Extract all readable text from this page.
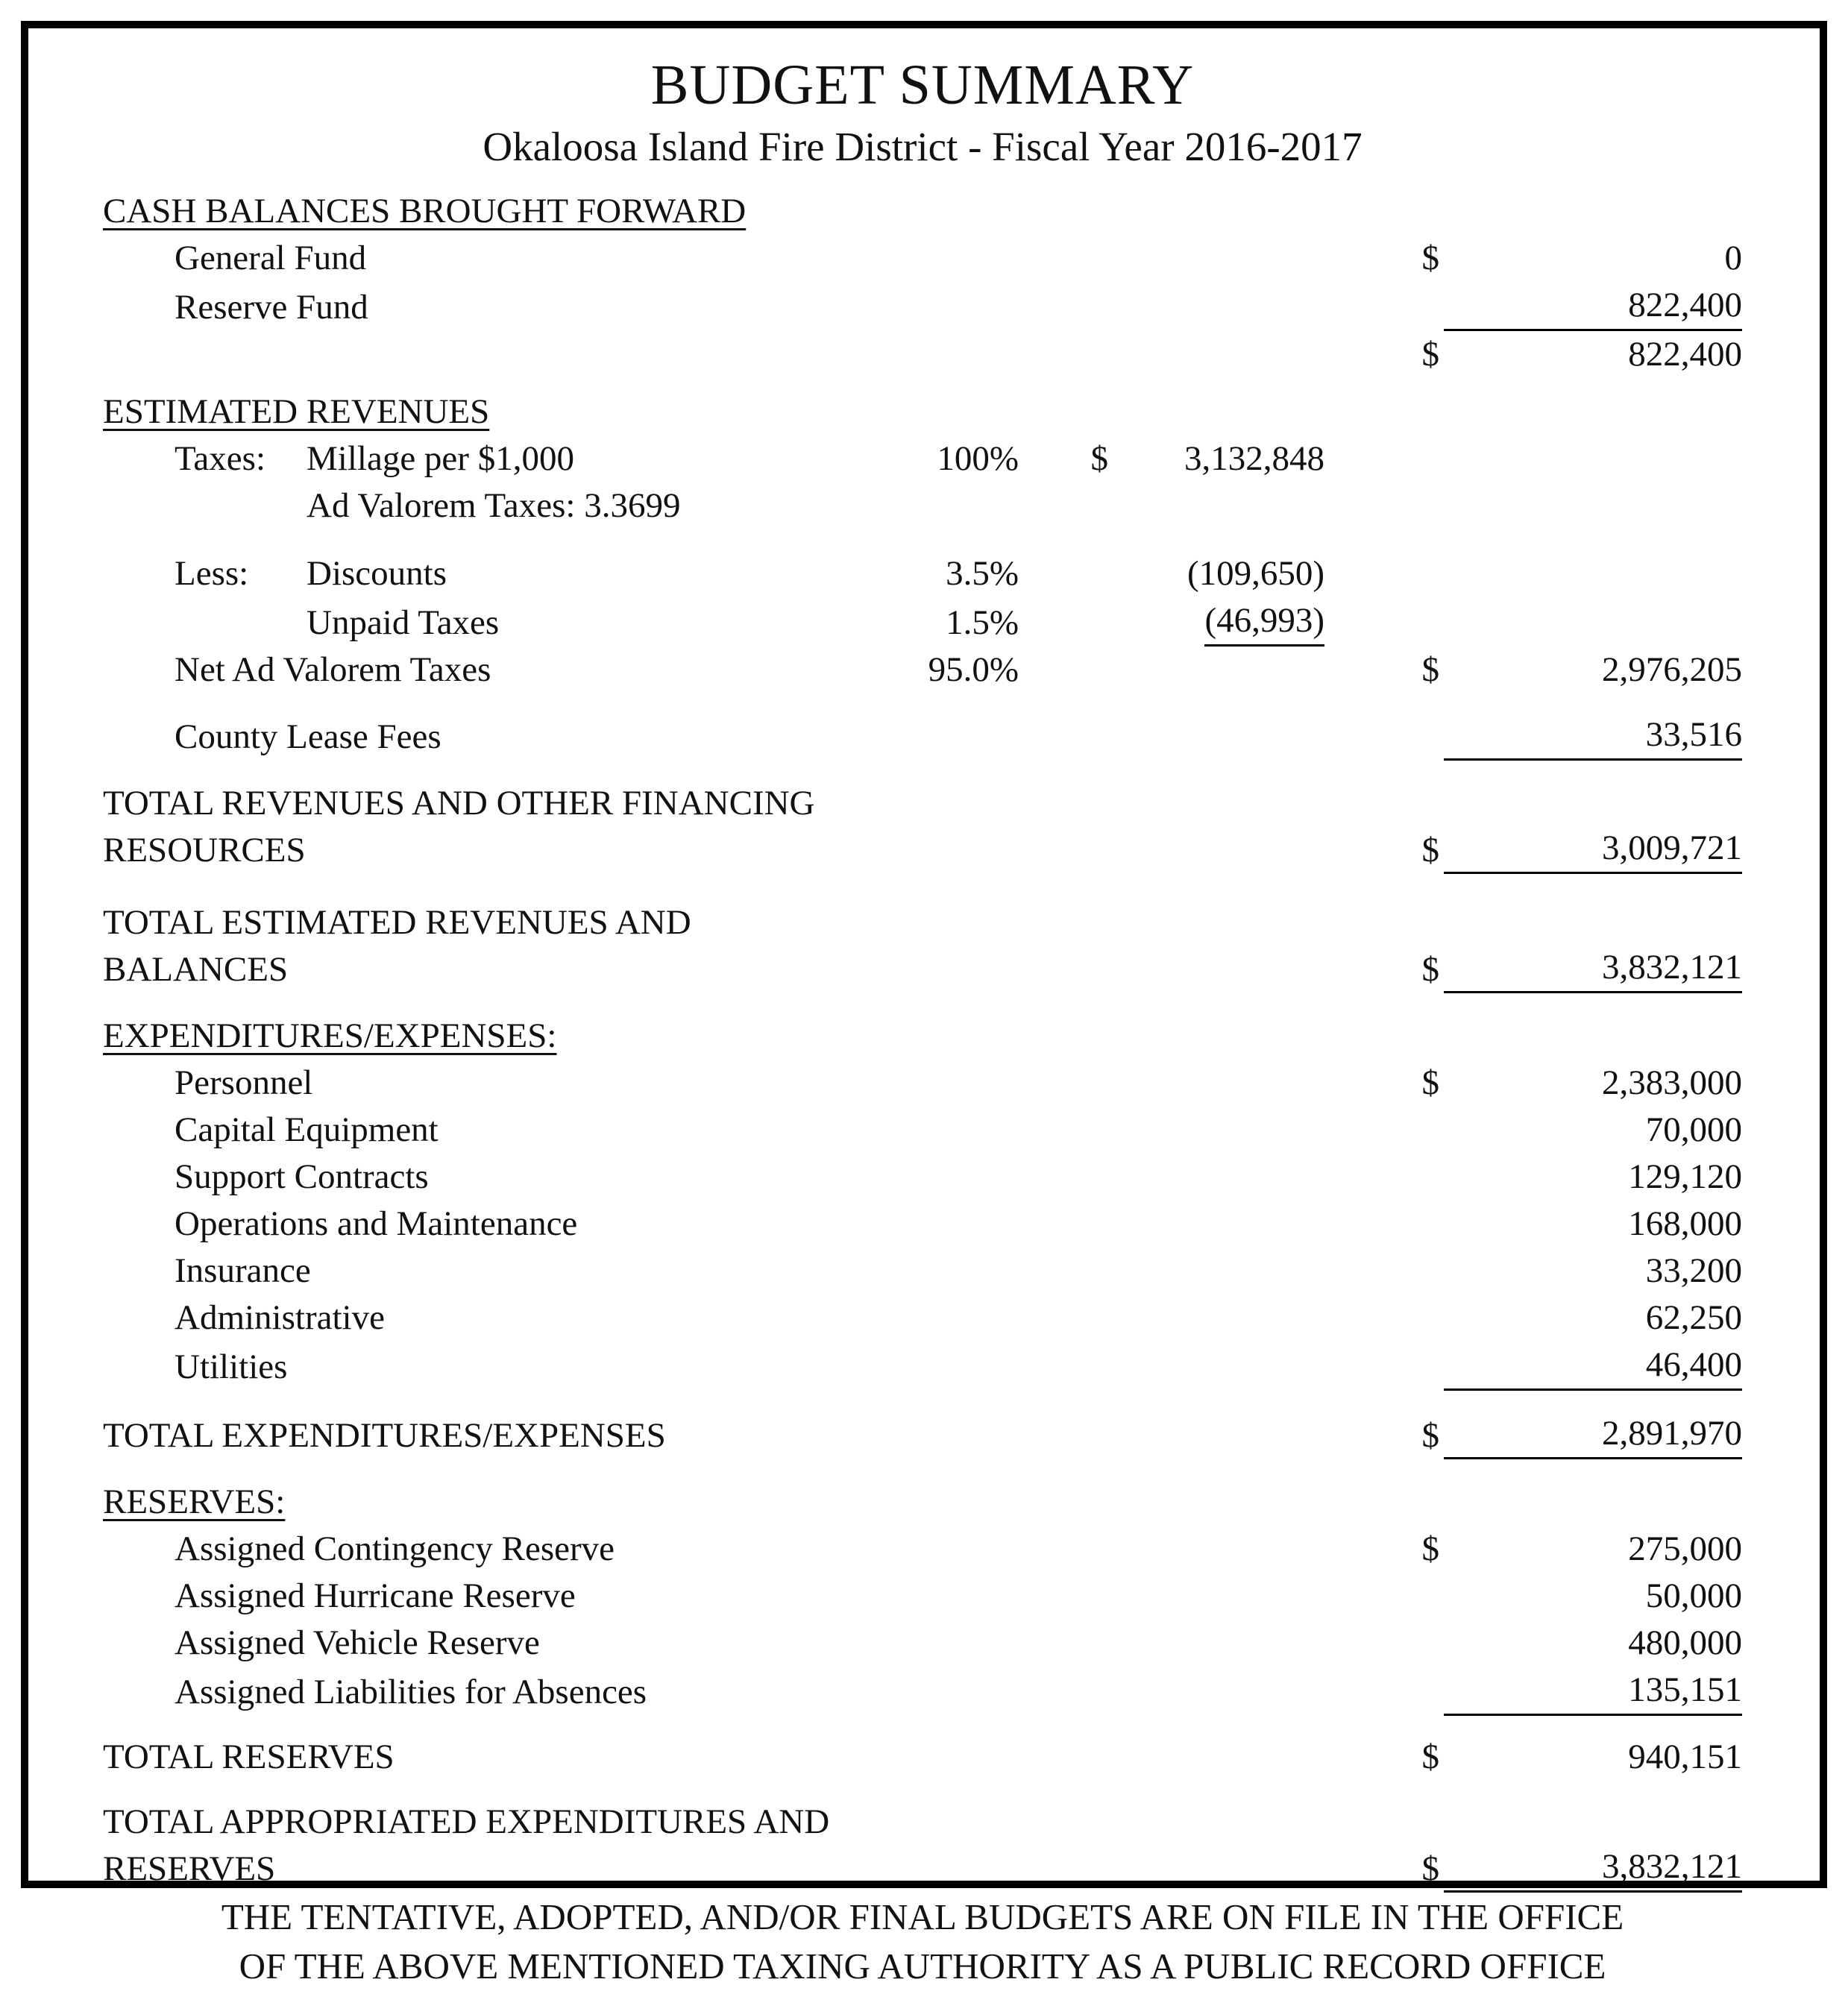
BUDGET SUMMARY
Okaloosa Island Fire District - Fiscal Year 2016-2017
CASH BALANCES BROUGHT FORWARD
General Fund	$	0
Reserve Fund	822,400
$	822,400
ESTIMATED REVENUES
Taxes: Millage per $1,000	100%	$	3,132,848
Ad Valorem Taxes: 3.3699
Less: Discounts	3.5%	(109,650)
Unpaid Taxes	1.5%	(46,993)
Net Ad Valorem Taxes	95.0%	$	2,976,205
County Lease Fees	33,516
TOTAL REVENUES AND OTHER FINANCING RESOURCES	$	3,009,721
TOTAL ESTIMATED REVENUES AND BALANCES	$	3,832,121
EXPENDITURES/EXPENSES:
Personnel	$	2,383,000
Capital Equipment	70,000
Support Contracts	129,120
Operations and Maintenance	168,000
Insurance	33,200
Administrative	62,250
Utilities	46,400
TOTAL EXPENDITURES/EXPENSES	$	2,891,970
RESERVES:
Assigned Contingency Reserve	$	275,000
Assigned Hurricane Reserve	50,000
Assigned Vehicle Reserve	480,000
Assigned Liabilities for Absences	135,151
TOTAL RESERVES	$	940,151
TOTAL APPROPRIATED EXPENDITURES AND RESERVES	$	3,832,121
THE TENTATIVE, ADOPTED, AND/OR FINAL BUDGETS ARE ON FILE IN THE OFFICE
OF THE ABOVE MENTIONED TAXING AUTHORITY AS A PUBLIC RECORD OFFICE
